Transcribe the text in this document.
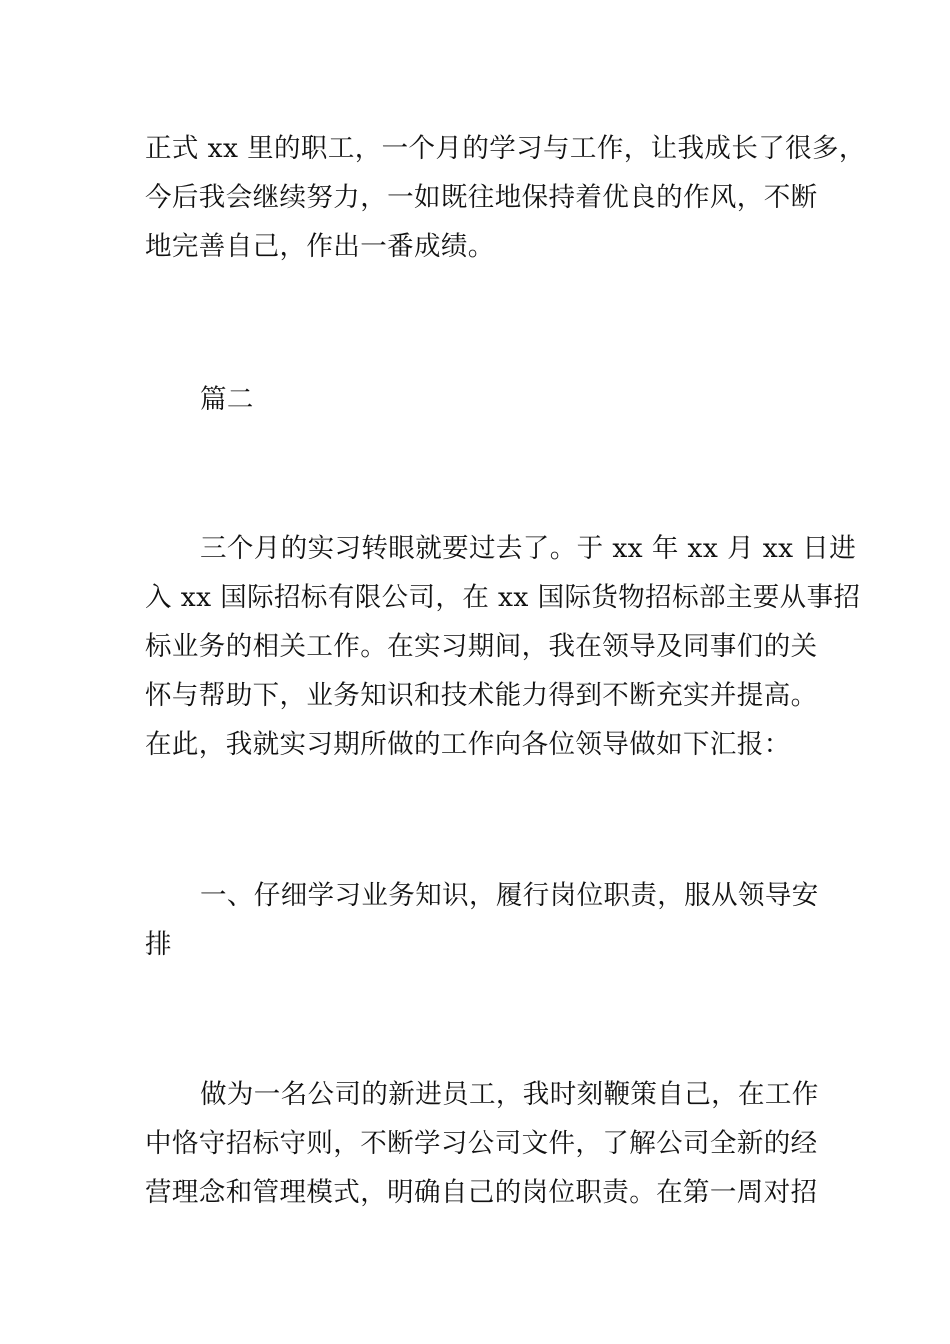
正式 xx 里的职工，一个月的学习与工作，让我成长了很多，
今后我会继续努力，一如既往地保持着优良的作风，不断
地完善自己，作出一番成绩。
篇二
三个月的实习转眼就要过去了。于 xx 年 xx 月 xx 日进
入 xx 国际招标有限公司，在 xx 国际货物招标部主要从事招
标业务的相关工作。在实习期间，我在领导及同事们的关
怀与帮助下，业务知识和技术能力得到不断充实并提高。
在此，我就实习期所做的工作向各位领导做如下汇报：
一、仔细学习业务知识，履行岗位职责，服从领导安
排
做为一名公司的新进员工，我时刻鞭策自己，在工作
中恪守招标守则，不断学习公司文件，了解公司全新的经
营理念和管理模式，明确自己的岗位职责。在第一周对招
